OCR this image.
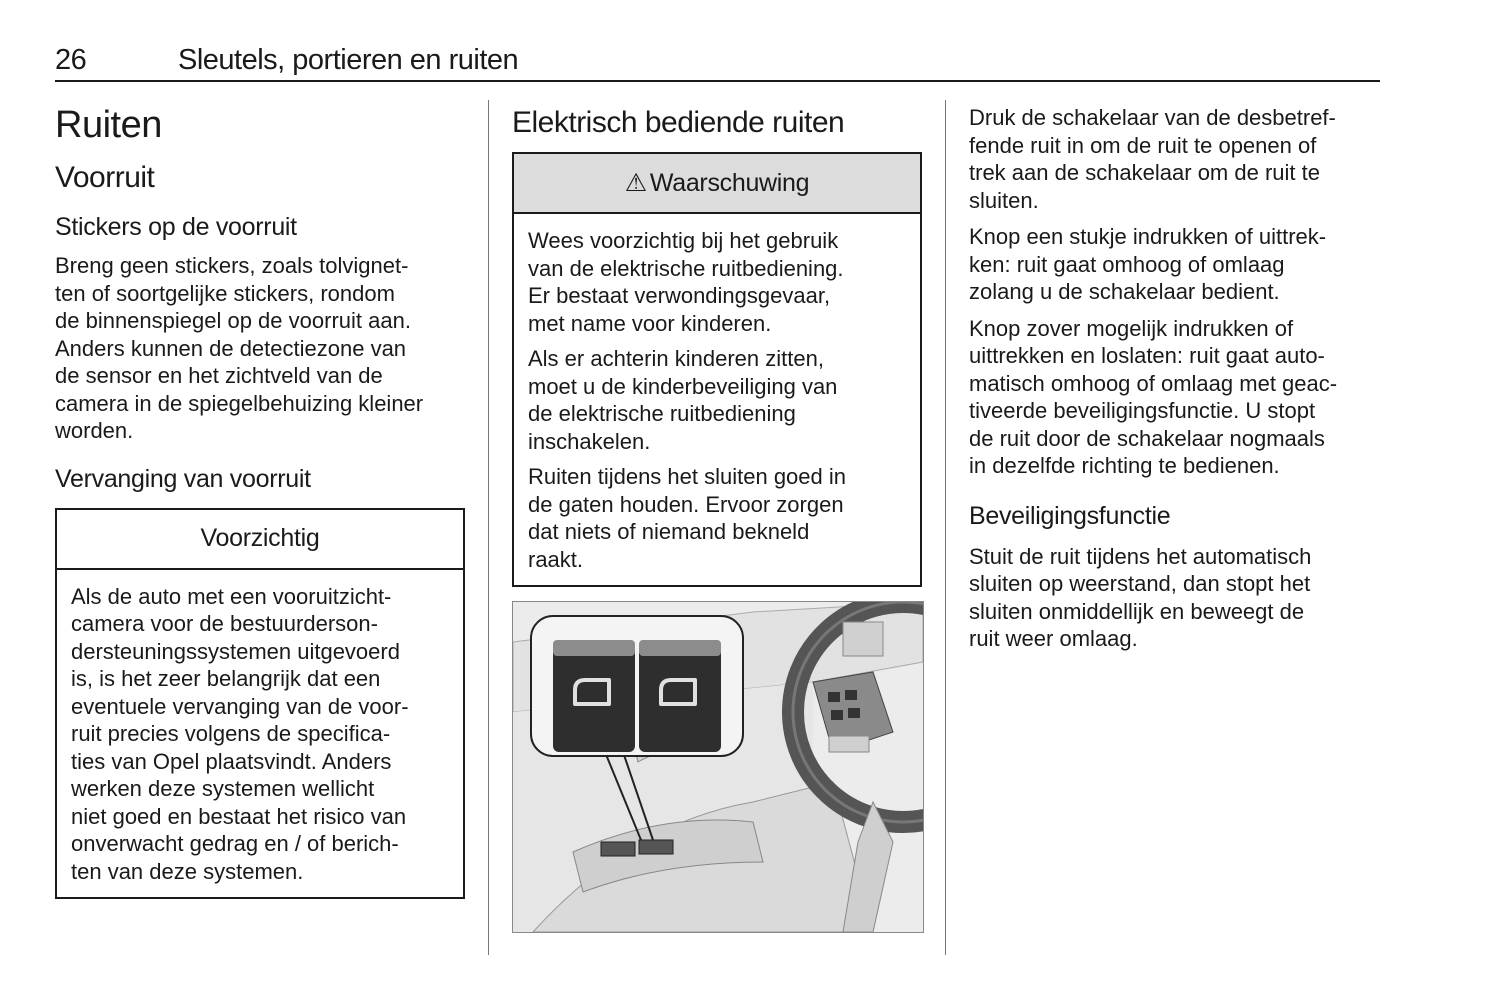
26	Sleutels, portieren en ruiten
Ruiten
Voorruit
Stickers op de voorruit

Breng geen stickers, zoals tolvignet-
ten of soortgelijke stickers, rondom
de binnenspiegel op de voorruit aan.
Anders kunnen de detectiezone van
de sensor en het zichtveld van de
camera in de spiegelbehuizing kleiner
worden.

Vervanging van voorruit
Voorzichtig

Als de auto met een vooruitzicht-
camera voor de bestuurderson-
dersteuningssystemen uitgevoerd
is, is het zeer belangrijk dat een
eventuele vervanging van de voor-
ruit precies volgens de specifica-
ties van Opel plaatsvindt. Anders
werken deze systemen wellicht
niet goed en bestaat het risico van
onverwacht gedrag en / of berich-
ten van deze systemen.

Elektrisch bediende ruiten
⚠ Waarschuwing

Wees voorzichtig bij het gebruik
van de elektrische ruitbediening.
Er bestaat verwondingsgevaar,
met name voor kinderen.

Als er achterin kinderen zitten,
moet u de kinderbeveiliging van
de elektrische ruitbediening
inschakelen.

Ruiten tijdens het sluiten goed in
de gaten houden. Ervoor zorgen
dat niets of niemand bekneld
raakt.

Druk de schakelaar van de desbetref-
fende ruit in om de ruit te openen of
trek aan de schakelaar om de ruit te
sluiten.

Knop een stukje indrukken of uittrek-
ken: ruit gaat omhoog of omlaag
zolang u de schakelaar bedient.

Knop zover mogelijk indrukken of
uittrekken en loslaten: ruit gaat auto-
matisch omhoog of omlaag met geac-
tiveerde beveiligingsfunctie. U stopt
de ruit door de schakelaar nogmaals
in dezelfde richting te bedienen.

Beveiligingsfunctie

Stuit de ruit tijdens het automatisch
sluiten op weerstand, dan stopt het
sluiten onmiddellijk en beweegt de
ruit weer omlaag.
